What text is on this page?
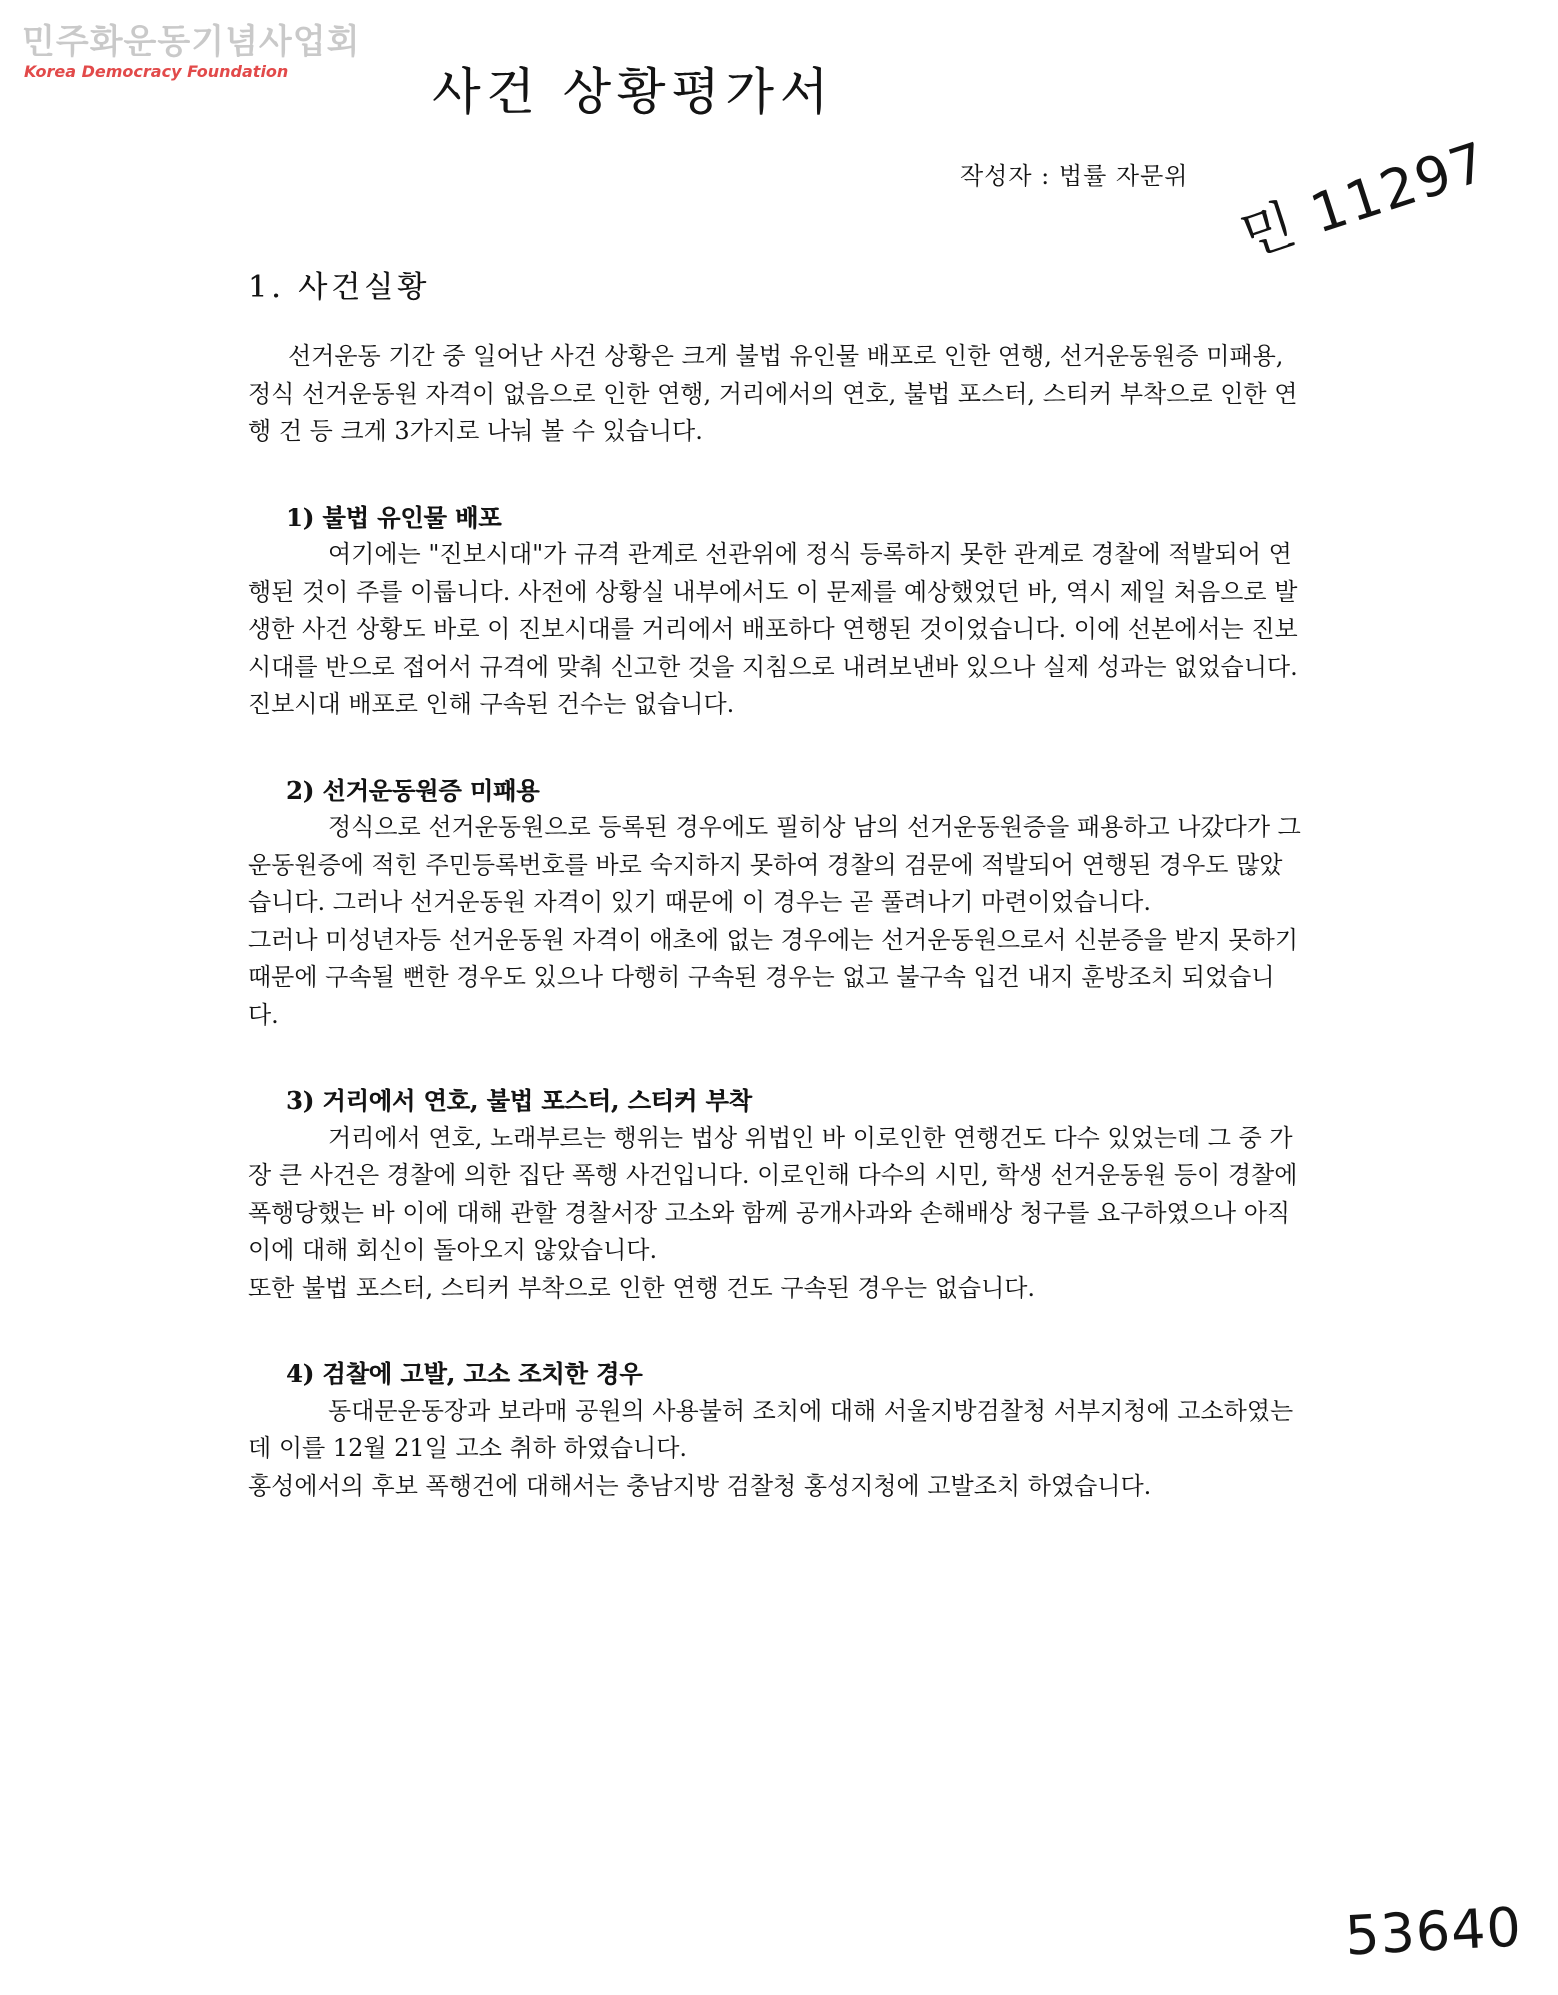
민주화운동기념사업회
Korea Democracy Foundation	사건 상황평가서
작성자 : 법률 자문위 민 11297
1. 사건실황

선거운동 기간 중 일어난 사건 상황은 크게 불법 유인물 배포로 인한 연행, 선거운동원증 미패용, 정식 선거운동원 자격이 없음으로 인한 연행, 거리에서의 연호, 불법 포스터, 스티커 부착으로 인한 연행 건 등 크게 3가지로 나눠 볼 수 있습니다.

1) 불법 유인물 배포

여기에는 "진보시대"가 규격 관계로 선관위에 정식 등록하지 못한 관계로 경찰에 적발되어 연행된 것이 주를 이룹니다. 사전에 상황실 내부에서도 이 문제를 예상했었던 바, 역시 제일 처음으로 발생한 사건 상황도 바로 이 진보시대를 거리에서 배포하다 연행된 것이었습니다. 이에 선본에서는 진보시대를 반으로 접어서 규격에 맞춰 신고한 것을 지침으로 내려보낸바 있으나 실제 성과는 없었습니다.

진보시대 배포로 인해 구속된 건수는 없습니다.

2) 선거운동원증 미패용

정식으로 선거운동원으로 등록된 경우에도 필히상 남의 선거운동원증을 패용하고 나갔다가 그 운동원증에 적힌 주민등록번호를 바로 숙지하지 못하여 경찰의 검문에 적발되어 연행된 경우도 많았습니다. 그러나 선거운동원 자격이 있기 때문에 이 경우는 곧 풀려나기 마련이었습니다.

그러나 미성년자등 선거운동원 자격이 애초에 없는 경우에는 선거운동원으로서 신분증을 받지 못하기 때문에 구속될 뻔한 경우도 있으나 다행히 구속된 경우는 없고 불구속 입건 내지 훈방조치 되었습니다.

3) 거리에서 연호, 불법 포스터, 스티커 부착

거리에서 연호, 노래부르는 행위는 법상 위법인 바 이로인한 연행건도 다수 있었는데 그 중 가장 큰 사건은 경찰에 의한 집단 폭행 사건입니다. 이로인해 다수의 시민, 학생 선거운동원 등이 경찰에 폭행당했는 바 이에 대해 관할 경찰서장 고소와 함께 공개사과와 손해배상 청구를 요구하였으나 아직 이에 대해 회신이 돌아오지 않았습니다.

또한 불법 포스터, 스티커 부착으로 인한 연행 건도 구속된 경우는 없습니다.

4) 검찰에 고발, 고소 조치한 경우

동대문운동장과 보라매 공원의 사용불허 조치에 대해 서울지방검찰청 서부지청에 고소하였는데 이를 12월 21일 고소 취하 하였습니다.

홍성에서의 후보 폭행건에 대해서는 충남지방 검찰청 홍성지청에 고발조치 하였습니다.

53640
